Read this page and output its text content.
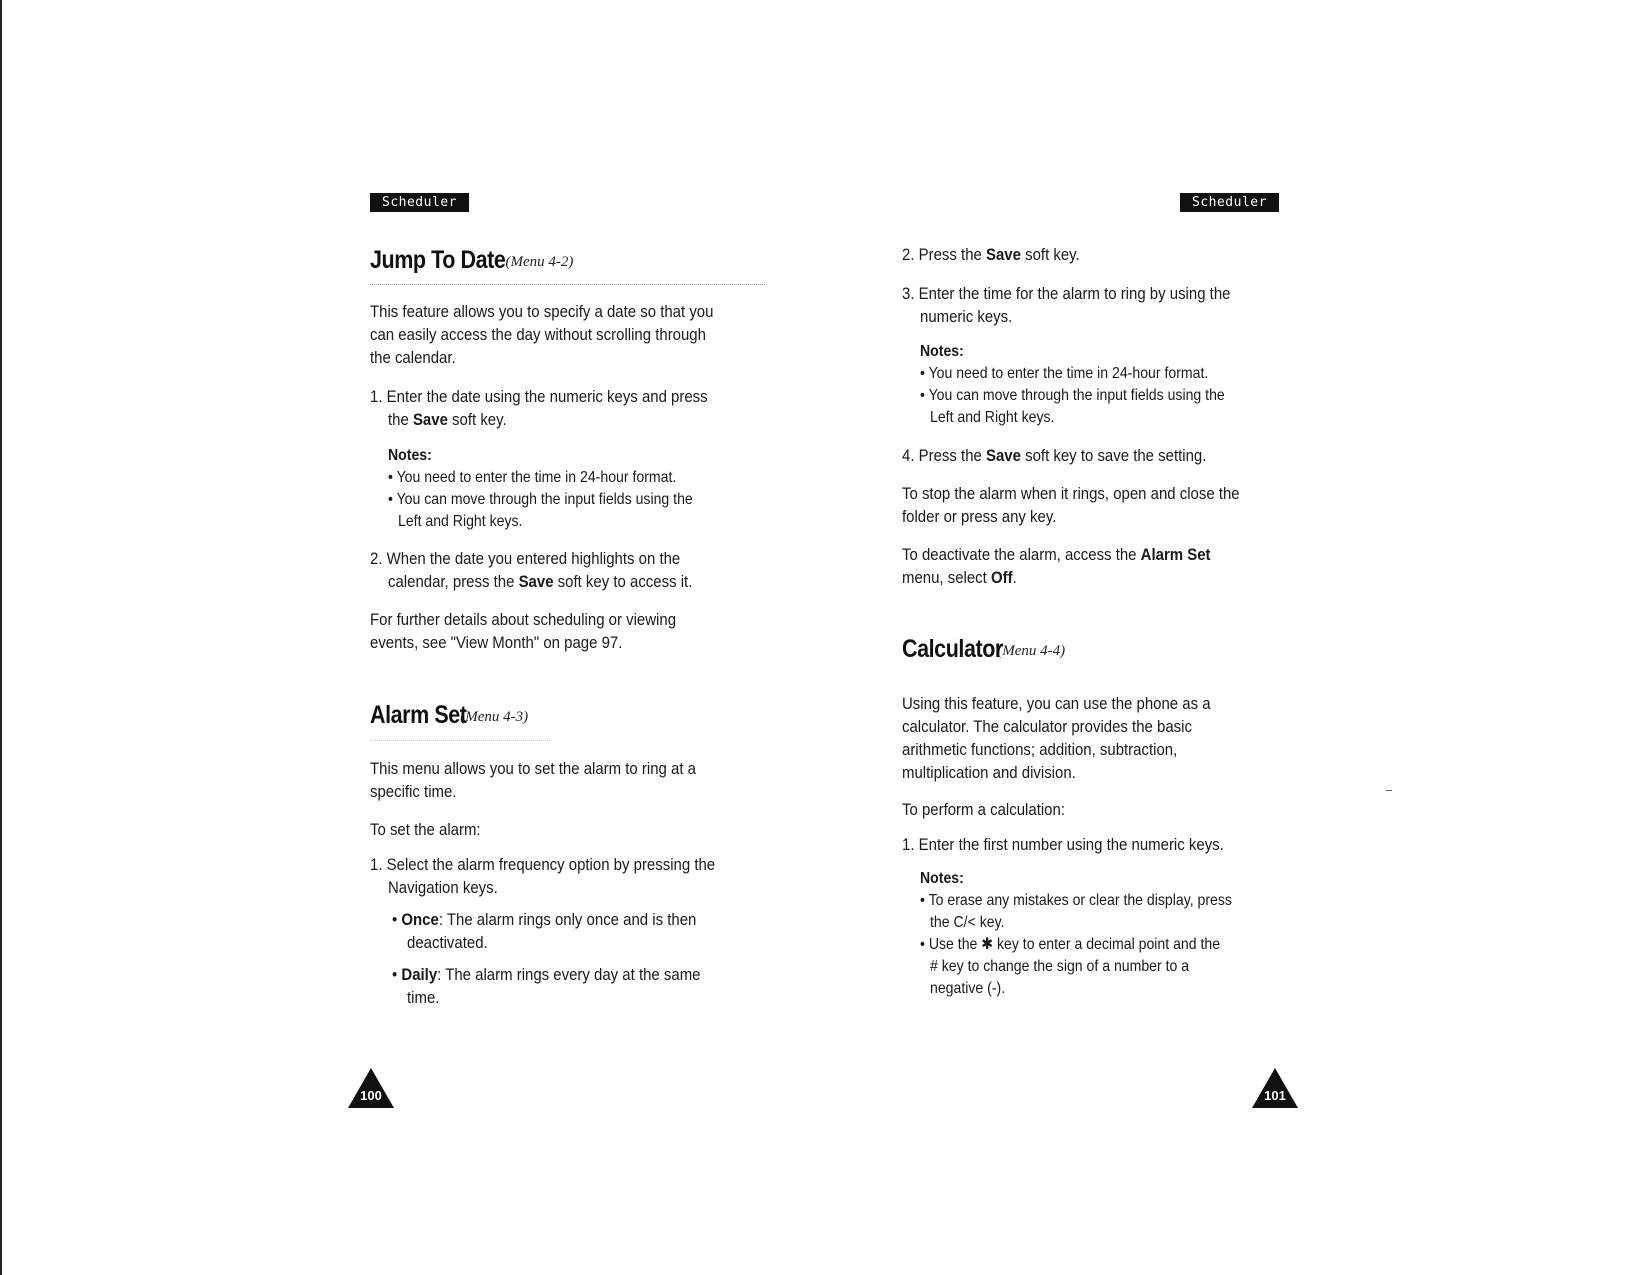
Scheduler
Jump To Date(Menu 4-2)
This feature allows you to specify a date so that you
can easily access the day without scrolling through
the calendar.
1. Enter the date using the numeric keys and press
the Save soft key.
Notes:
• You need to enter the time in 24-hour format.
• You can move through the input fields using the
Left and Right keys.
2. When the date you entered highlights on the
calendar, press the Save soft key to access it.
For further details about scheduling or viewing
events, see "View Month" on page 97.
Alarm Set(Menu 4-3)
This menu allows you to set the alarm to ring at a
specific time.
To set the alarm:
1. Select the alarm frequency option by pressing the
Navigation keys.
• Once: The alarm rings only once and is then
deactivated.
• Daily: The alarm rings every day at the same
time.
100
Scheduler
2. Press the Save soft key.
3. Enter the time for the alarm to ring by using the
numeric keys.
Notes:
• You need to enter the time in 24-hour format.
• You can move through the input fields using the
Left and Right keys.
4. Press the Save soft key to save the setting.
To stop the alarm when it rings, open and close the
folder or press any key.
To deactivate the alarm, access the Alarm Set
menu, select Off.
Calculator(Menu 4-4)
Using this feature, you can use the phone as a
calculator. The calculator provides the basic
arithmetic functions; addition, subtraction,
multiplication and division.
To perform a calculation:
1. Enter the first number using the numeric keys.
Notes:
• To erase any mistakes or clear the display, press
the C/< key.
• Use the ✱ key to enter a decimal point and the
# key to change the sign of a number to a
negative (-).
101
